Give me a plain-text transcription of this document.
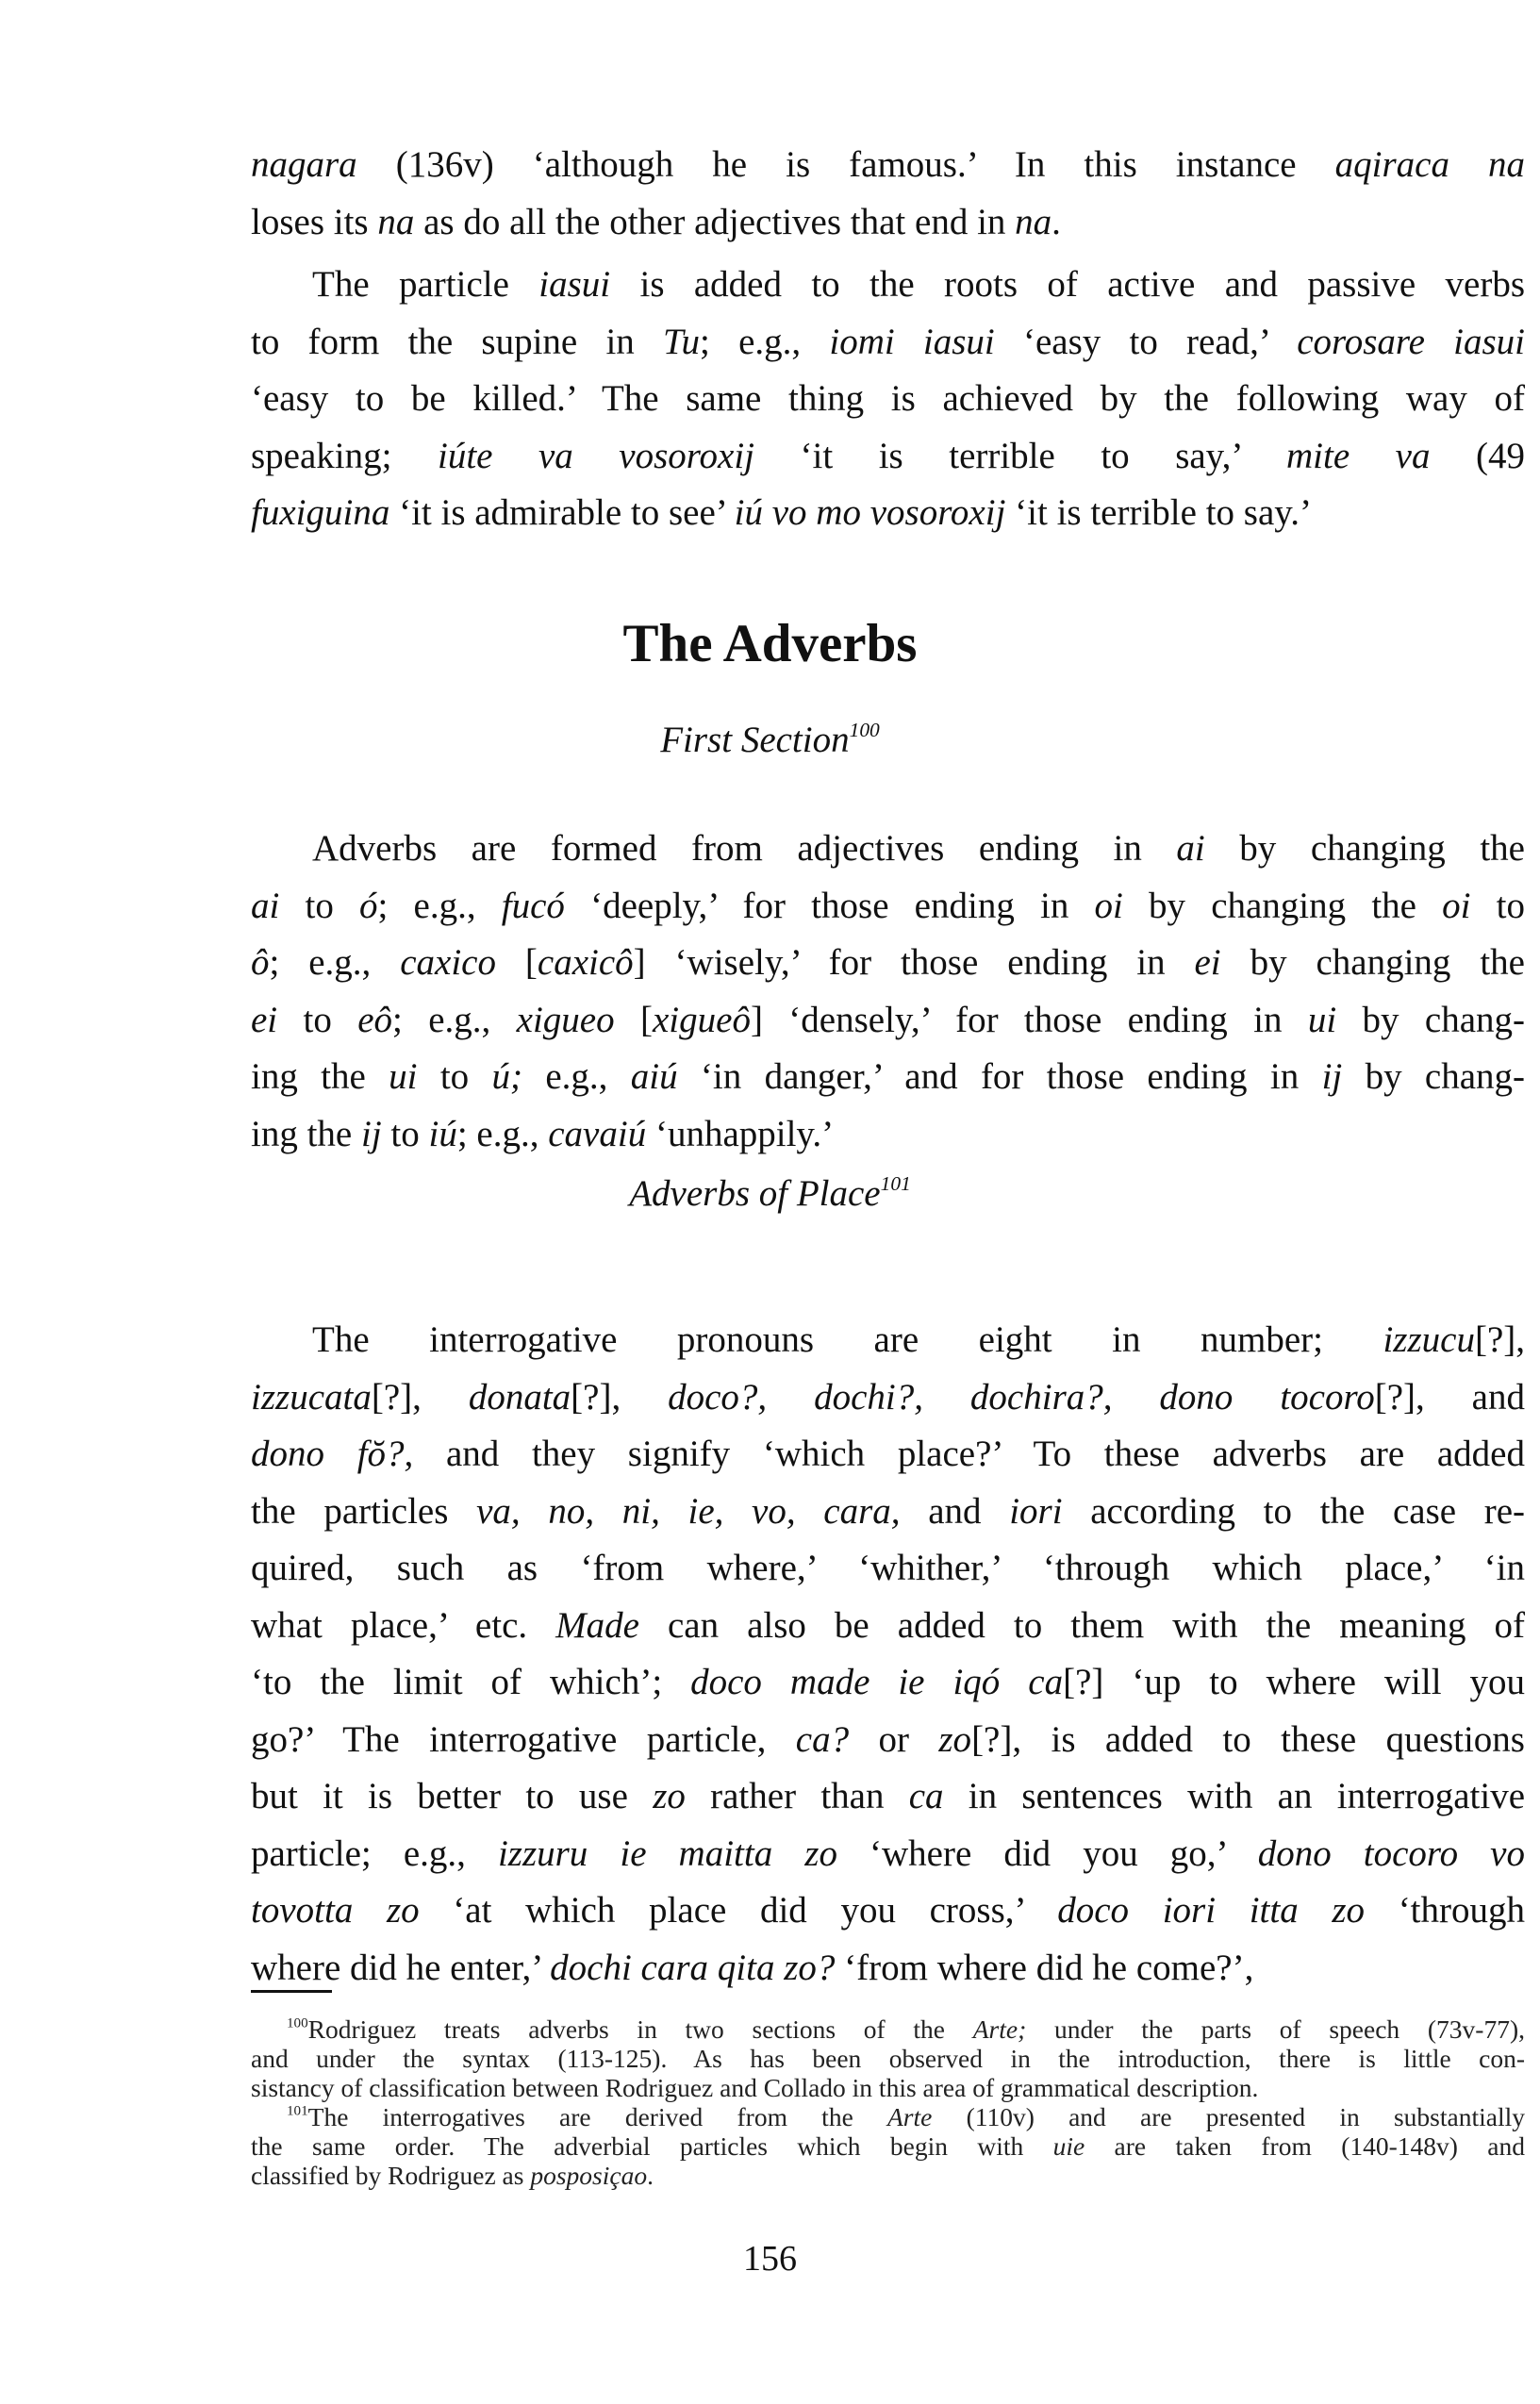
nagara (136v) ‘although he is famous.’ In this instance aqiraca na
loses its na as do all the other adjectives that end in na.
The particle iasui is added to the roots of active and passive verbs
to form the supine in Tu; e.g., iomi iasui ‘easy to read,’ corosare iasui
‘easy to be killed.’ The same thing is achieved by the following way of
speaking; iúte va vosoroxij ‘it is terrible to say,’ mite va (49
fuxiguina ‘it is admirable to see’ iú vo mo vosoroxij ‘it is terrible to say.’
The Adverbs
First Section$^{100}$
Adverbs are formed from adjectives ending in ai by changing the
ai to ó; e.g., fucó ‘deeply,’ for those ending in oi by changing the oi to
ô; e.g., caxico [caxicô] ‘wisely,’ for those ending in ei by changing the
ei to eô; e.g., xigueo [xigueô] ‘densely,’ for those ending in ui by chang-
ing the ui to ú; e.g., aiú ‘in danger,’ and for those ending in ij by chang-
ing the ij to iú; e.g., cavaiú ‘unhappily.’
Adverbs of Place$^{101}$
The interrogative pronouns are eight in number; izzucu[?],
izzucata[?], donata[?], doco?, dochi?, dochira?, dono tocoro[?], and
dono fŏ?, and they signify ‘which place?’ To these adverbs are added
the particles va, no, ni, ie, vo, cara, and iori according to the case re-
quired, such as ‘from where,’ ‘whither,’ ‘through which place,’ ‘in
what place,’ etc. Made can also be added to them with the meaning of
‘to the limit of which’; doco made ie iqó ca[?] ‘up to where will you
go?’ The interrogative particle, ca? or zo[?], is added to these questions
but it is better to use zo rather than ca in sentences with an interrogative
particle; e.g., izzuru ie maitta zo ‘where did you go,’ dono tocoro vo
tovotta zo ‘at which place did you cross,’ doco iori itta zo ‘through
where did he enter,’ dochi cara qita zo? ‘from where did he come?’,
$^{100}$Rodriguez treats adverbs in two sections of the Arte; under the parts of speech (73v-77),
and under the syntax (113-125). As has been observed in the introduction, there is little con-
sistancy of classification between Rodriguez and Collado in this area of grammatical description.
$^{101}$The interrogatives are derived from the Arte (110v) and are presented in substantially
the same order. The adverbial particles which begin with uie are taken from (140-148v) and
classified by Rodriguez as posposiçao.
156
